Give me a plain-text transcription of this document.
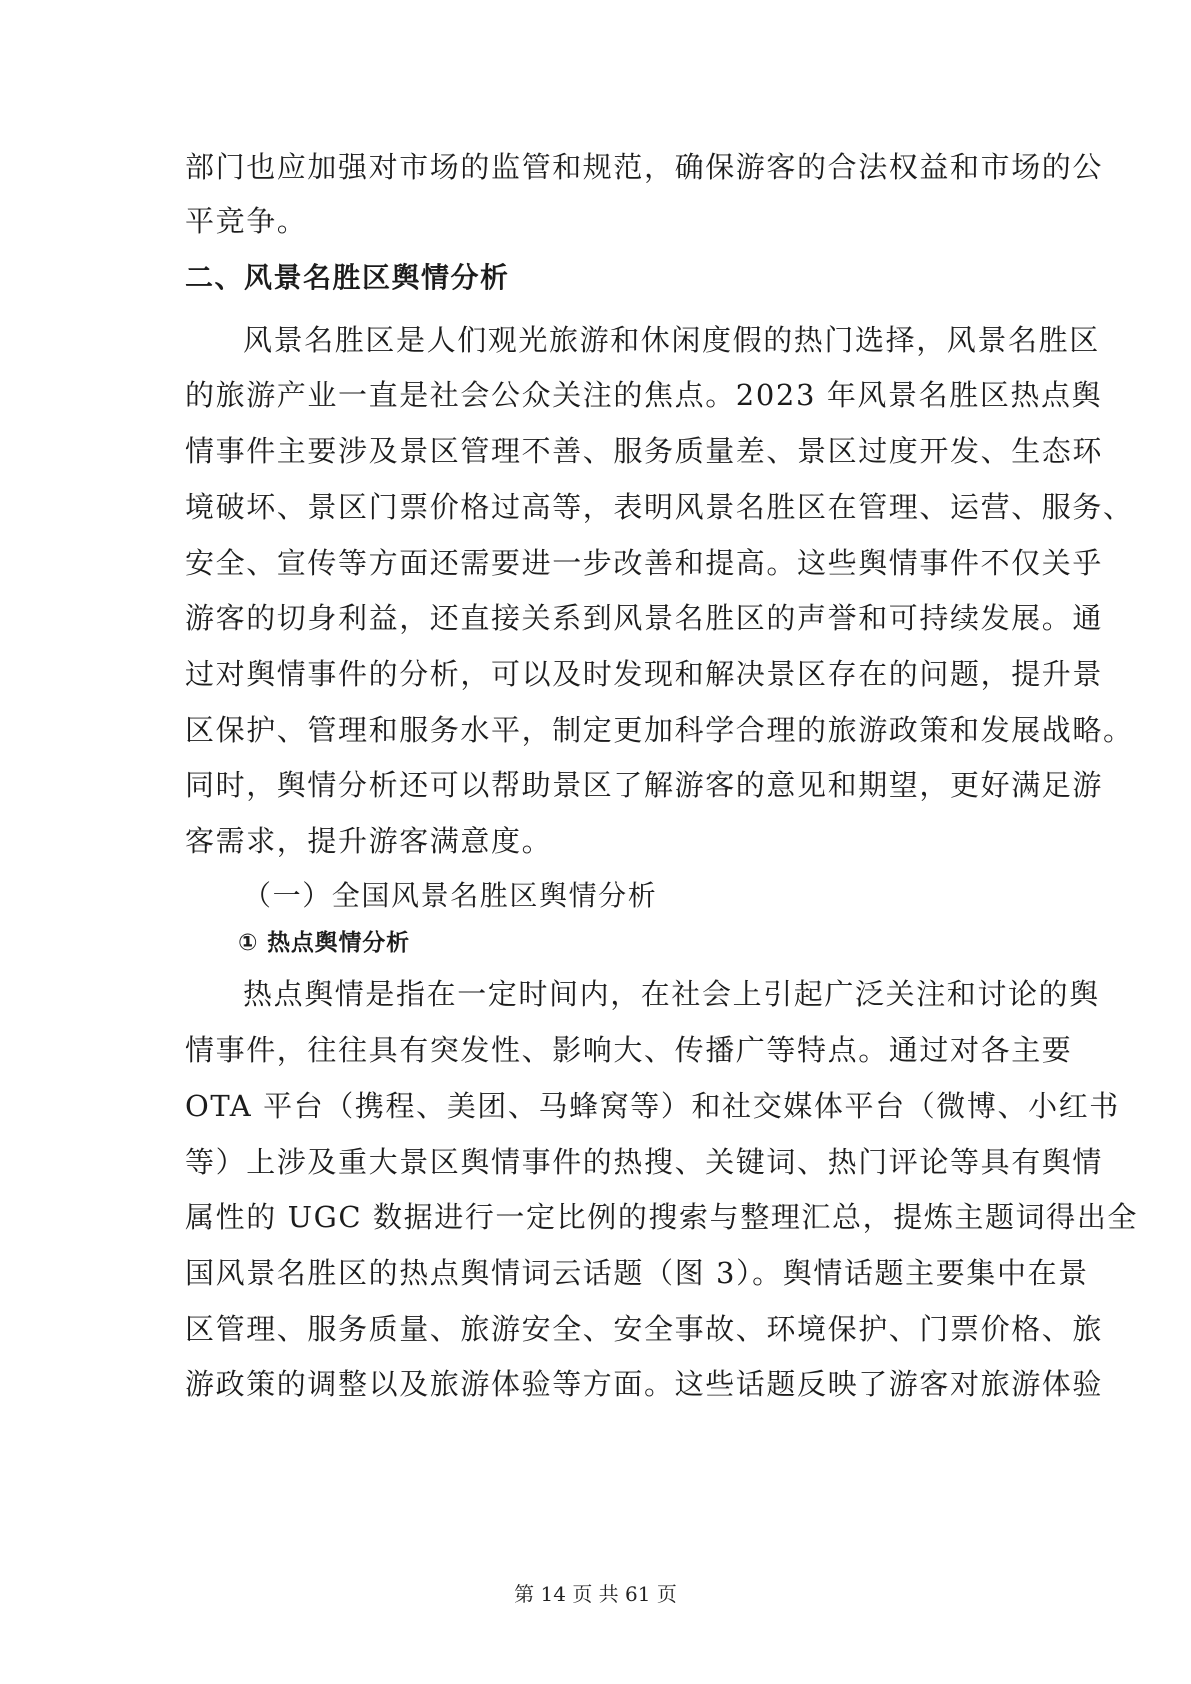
部门也应加强对市场的监管和规范，确保游客的合法权益和市场的公
平竞争。
二、风景名胜区舆情分析
风景名胜区是人们观光旅游和休闲度假的热门选择，风景名胜区
的旅游产业一直是社会公众关注的焦点。2023 年风景名胜区热点舆
情事件主要涉及景区管理不善、服务质量差、景区过度开发、生态环
境破坏、景区门票价格过高等，表明风景名胜区在管理、运营、服务、
安全、宣传等方面还需要进一步改善和提高。这些舆情事件不仅关乎
游客的切身利益，还直接关系到风景名胜区的声誉和可持续发展。通
过对舆情事件的分析，可以及时发现和解决景区存在的问题，提升景
区保护、管理和服务水平，制定更加科学合理的旅游政策和发展战略。
同时，舆情分析还可以帮助景区了解游客的意见和期望，更好满足游
客需求，提升游客满意度。
（一）全国风景名胜区舆情分析
① 热点舆情分析
热点舆情是指在一定时间内，在社会上引起广泛关注和讨论的舆
情事件，往往具有突发性、影响大、传播广等特点。通过对各主要
OTA 平台（携程、美团、马蜂窝等）和社交媒体平台（微博、小红书
等）上涉及重大景区舆情事件的热搜、关键词、热门评论等具有舆情
属性的 UGC 数据进行一定比例的搜索与整理汇总，提炼主题词得出全
国风景名胜区的热点舆情词云话题（图 3）。舆情话题主要集中在景
区管理、服务质量、旅游安全、安全事故、环境保护、门票价格、旅
游政策的调整以及旅游体验等方面。这些话题反映了游客对旅游体验
第 14 页 共 61 页
